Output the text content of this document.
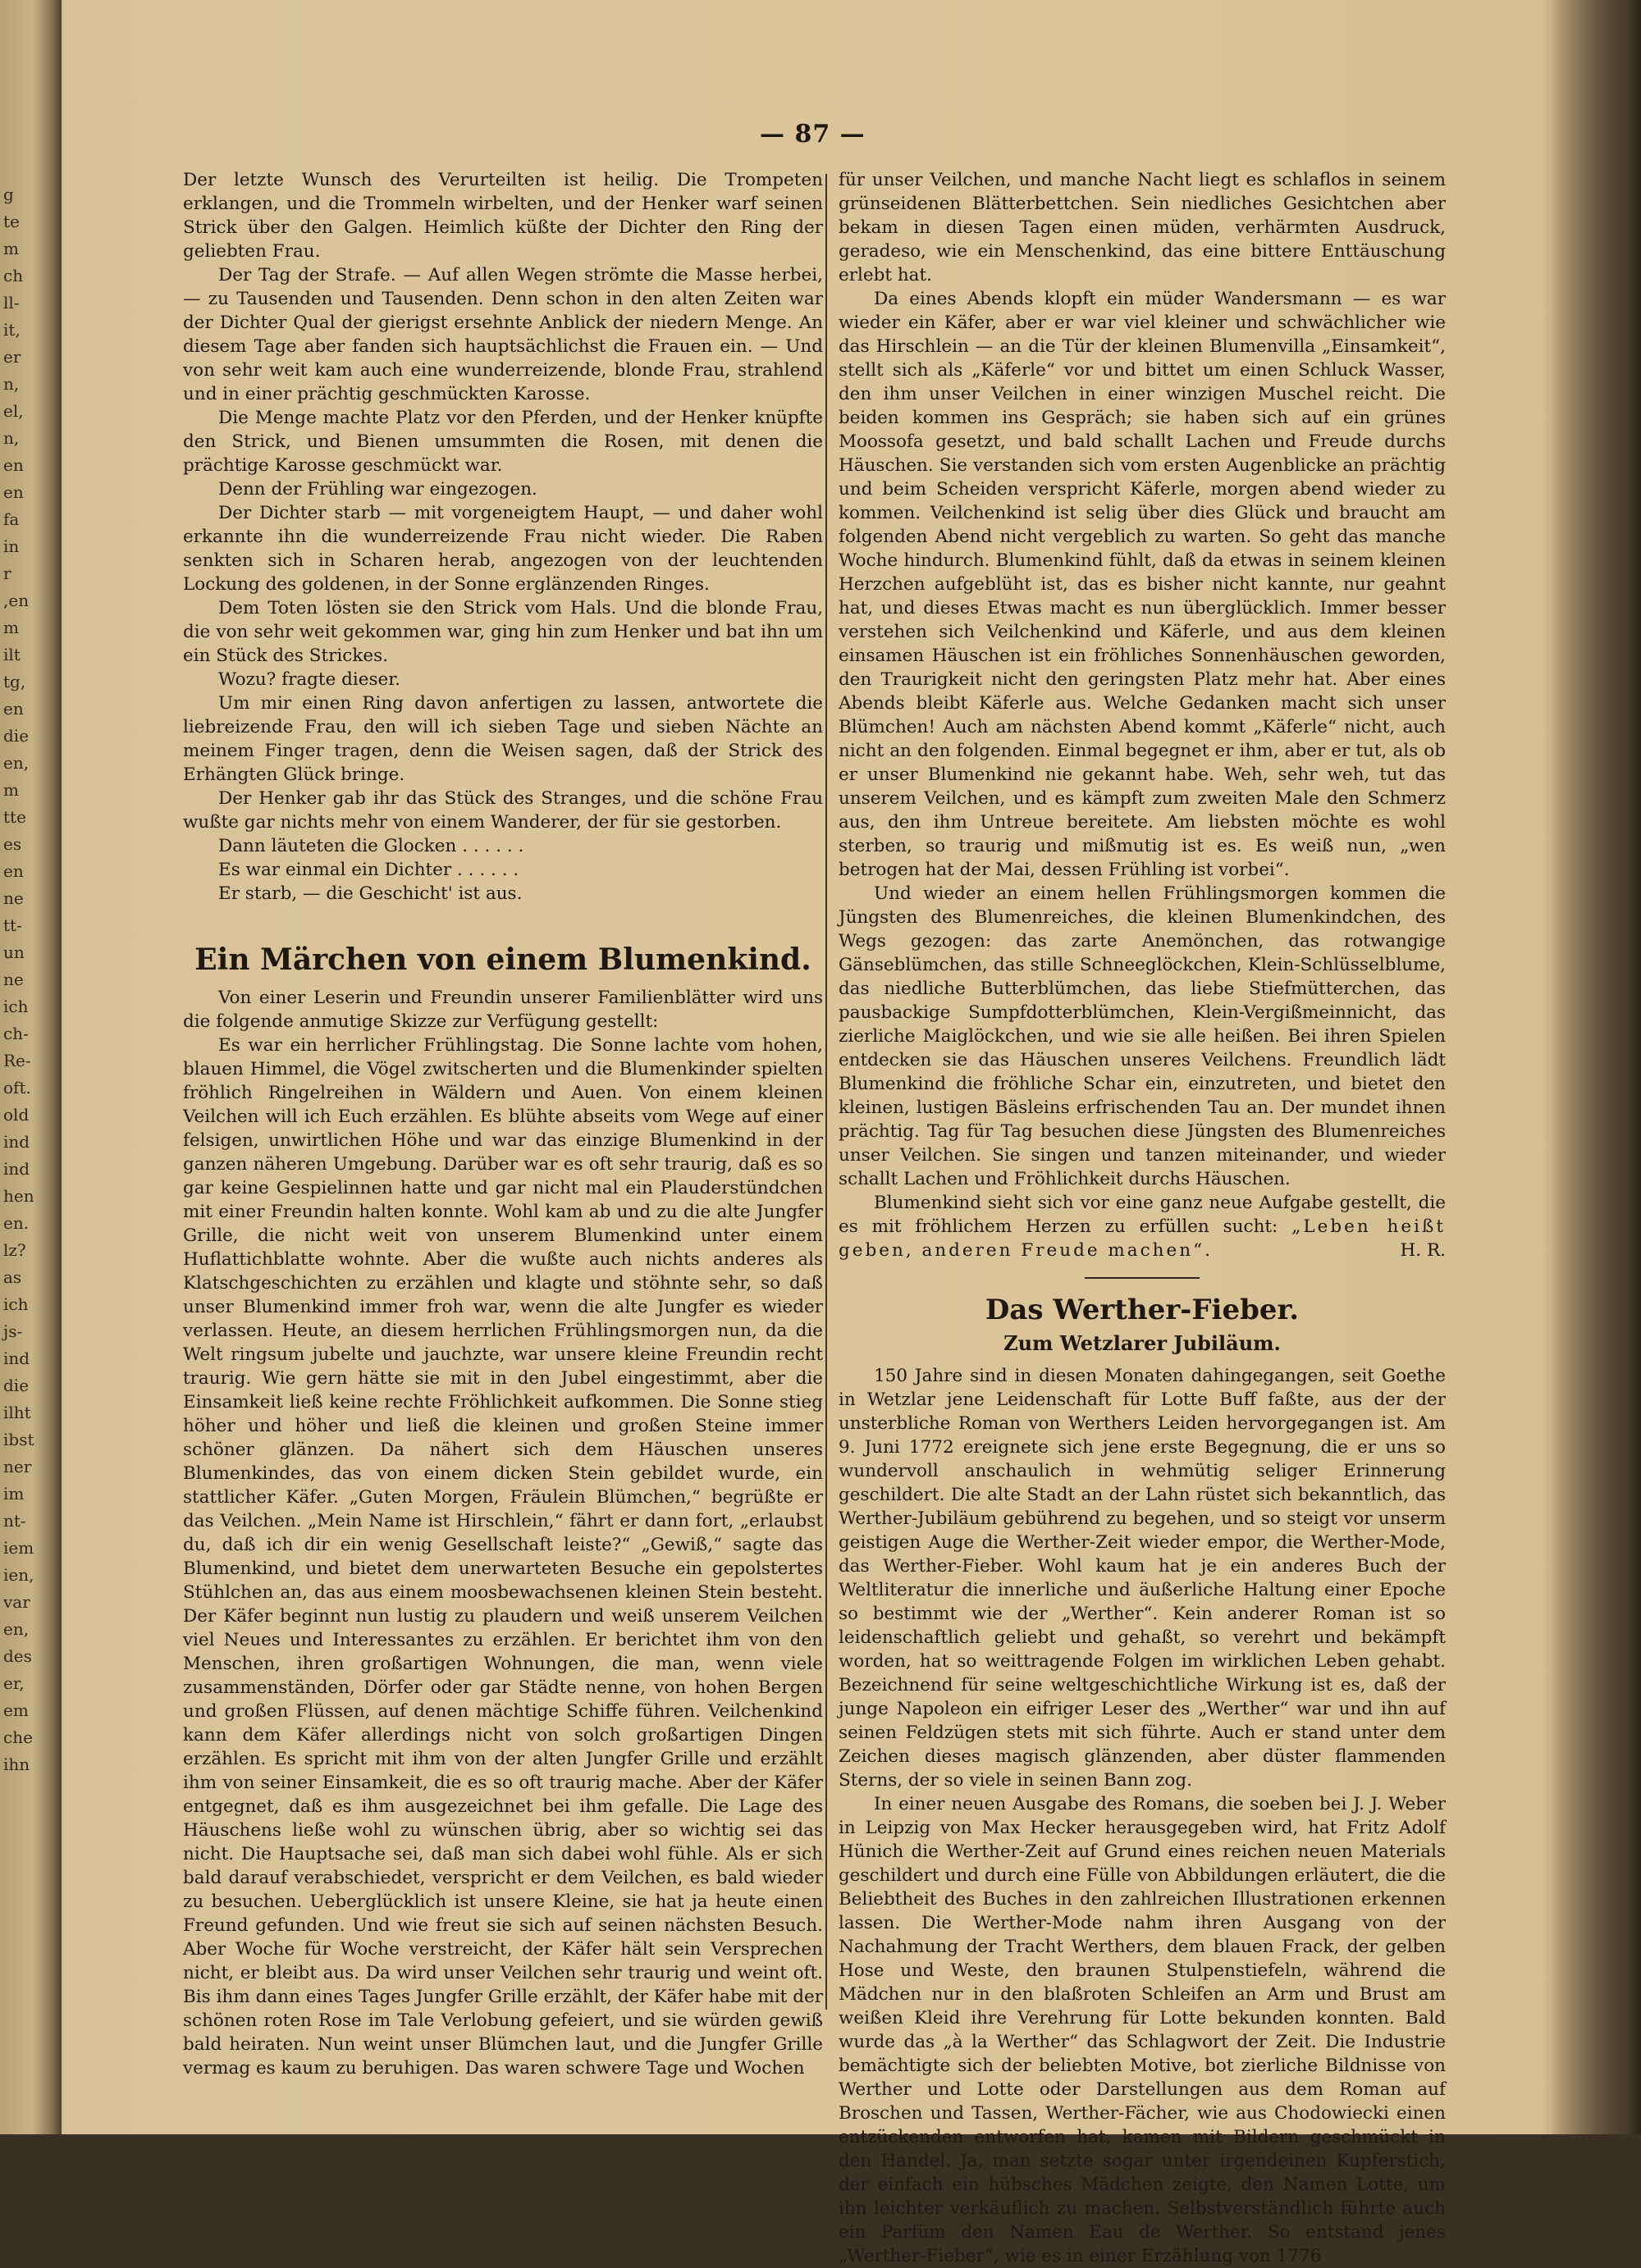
g
te
m
ch
ll-
it,
er
n,
el,
n,
en
en
fa
in
r
,en
m
ilt
tg,
en
die
en,
m
tte
es
en
ne
tt-
un
ne
ich
ch-
Re-
oft.
old
ind
ind
hen
en.
lz?
as
ich
js-
ind
die
ilht
ibst
ner
im
nt-
iem
ien,
var
en,
des
er,
em
che
ihn
— 87 —

Der letzte Wunsch des Verurteilten ist heilig. Die Trompeten erklangen, und die Trommeln wirbelten, und der Henker warf seinen Strick über den Galgen. Heimlich küßte der Dichter den Ring der geliebten Frau.

Der Tag der Strafe. — Auf allen Wegen strömte die Masse herbei, — zu Tausenden und Tausenden. Denn schon in den alten Zeiten war der Dichter Qual der gierigst ersehnte Anblick der niedern Menge. An diesem Tage aber fanden sich hauptsächlichst die Frauen ein. — Und von sehr weit kam auch eine wunderreizende, blonde Frau, strahlend und in einer prächtig geschmückten Karosse.

Die Menge machte Platz vor den Pferden, und der Henker knüpfte den Strick, und Bienen umsummten die Rosen, mit denen die prächtige Karosse geschmückt war.

Denn der Frühling war eingezogen.

Der Dichter starb — mit vorgeneigtem Haupt, — und daher wohl erkannte ihn die wunderreizende Frau nicht wieder. Die Raben senkten sich in Scharen herab, angezogen von der leuchtenden Lockung des goldenen, in der Sonne erglänzenden Ringes.

Dem Toten lösten sie den Strick vom Hals. Und die blonde Frau, die von sehr weit gekommen war, ging hin zum Henker und bat ihn um ein Stück des Strickes.

Wozu? fragte dieser.

Um mir einen Ring davon anfertigen zu lassen, antwortete die liebreizende Frau, den will ich sieben Tage und sieben Nächte an meinem Finger tragen, denn die Weisen sagen, daß der Strick des Erhängten Glück bringe.

Der Henker gab ihr das Stück des Stranges, und die schöne Frau wußte gar nichts mehr von einem Wanderer, der für sie gestorben.

Dann läuteten die Glocken . . . . . .

Es war einmal ein Dichter . . . . . .

Er starb, — die Geschicht' ist aus.

Ein Märchen von einem Blumenkind.

Von einer Leserin und Freundin unserer Familienblätter wird uns die folgende anmutige Skizze zur Verfügung gestellt:

Es war ein herrlicher Frühlingstag. Die Sonne lachte vom hohen, blauen Himmel, die Vögel zwitscherten und die Blumenkinder spielten fröhlich Ringelreihen in Wäldern und Auen. Von einem kleinen Veilchen will ich Euch erzählen. Es blühte abseits vom Wege auf einer felsigen, unwirtlichen Höhe und war das einzige Blumenkind in der ganzen näheren Umgebung. Darüber war es oft sehr traurig, daß es so gar keine Gespielinnen hatte und gar nicht mal ein Plauderstündchen mit einer Freundin halten konnte. Wohl kam ab und zu die alte Jungfer Grille, die nicht weit von unserem Blumenkind unter einem Huflattichblatte wohnte. Aber die wußte auch nichts anderes als Klatschgeschichten zu erzählen und klagte und stöhnte sehr, so daß unser Blumenkind immer froh war, wenn die alte Jungfer es wieder verlassen. Heute, an diesem herrlichen Frühlingsmorgen nun, da die Welt ringsum jubelte und jauchzte, war unsere kleine Freundin recht traurig. Wie gern hätte sie mit in den Jubel eingestimmt, aber die Einsamkeit ließ keine rechte Fröhlichkeit aufkommen. Die Sonne stieg höher und höher und ließ die kleinen und großen Steine immer schöner glänzen. Da nähert sich dem Häuschen unseres Blumenkindes, das von einem dicken Stein gebildet wurde, ein stattlicher Käfer. „Guten Morgen, Fräulein Blümchen,“ begrüßte er das Veilchen. „Mein Name ist Hirschlein,“ fährt er dann fort, „erlaubst du, daß ich dir ein wenig Gesellschaft leiste?“ „Gewiß,“ sagte das Blumenkind, und bietet dem unerwarteten Besuche ein gepolstertes Stühlchen an, das aus einem moosbewachsenen kleinen Stein besteht. Der Käfer beginnt nun lustig zu plaudern und weiß unserem Veilchen viel Neues und Interessantes zu erzählen. Er berichtet ihm von den Menschen, ihren großartigen Wohnungen, die man, wenn viele zusammenständen, Dörfer oder gar Städte nenne, von hohen Bergen und großen Flüssen, auf denen mächtige Schiffe führen. Veilchenkind kann dem Käfer allerdings nicht von solch großartigen Dingen erzählen. Es spricht mit ihm von der alten Jungfer Grille und erzählt ihm von seiner Einsamkeit, die es so oft traurig mache. Aber der Käfer entgegnet, daß es ihm ausgezeichnet bei ihm gefalle. Die Lage des Häuschens ließe wohl zu wünschen übrig, aber so wichtig sei das nicht. Die Hauptsache sei, daß man sich dabei wohl fühle. Als er sich bald darauf verabschiedet, verspricht er dem Veilchen, es bald wieder zu besuchen. Ueberglücklich ist unsere Kleine, sie hat ja heute einen Freund gefunden. Und wie freut sie sich auf seinen nächsten Besuch. Aber Woche für Woche verstreicht, der Käfer hält sein Versprechen nicht, er bleibt aus. Da wird unser Veilchen sehr traurig und weint oft. Bis ihm dann eines Tages Jungfer Grille erzählt, der Käfer habe mit der schönen roten Rose im Tale Verlobung gefeiert, und sie würden gewiß bald heiraten. Nun weint unser Blümchen laut, und die Jungfer Grille vermag es kaum zu beruhigen. Das waren schwere Tage und Wochen

für unser Veilchen, und manche Nacht liegt es schlaflos in seinem grünseidenen Blätterbettchen. Sein niedliches Gesichtchen aber bekam in diesen Tagen einen müden, verhärmten Ausdruck, geradeso, wie ein Menschenkind, das eine bittere Enttäuschung erlebt hat.

Da eines Abends klopft ein müder Wandersmann — es war wieder ein Käfer, aber er war viel kleiner und schwächlicher wie das Hirschlein — an die Tür der kleinen Blumenvilla „Einsamkeit“, stellt sich als „Käferle“ vor und bittet um einen Schluck Wasser, den ihm unser Veilchen in einer winzigen Muschel reicht. Die beiden kommen ins Gespräch; sie haben sich auf ein grünes Moossofa gesetzt, und bald schallt Lachen und Freude durchs Häuschen. Sie verstanden sich vom ersten Augenblicke an prächtig und beim Scheiden verspricht Käferle, morgen abend wieder zu kommen. Veilchenkind ist selig über dies Glück und braucht am folgenden Abend nicht vergeblich zu warten. So geht das manche Woche hindurch. Blumenkind fühlt, daß da etwas in seinem kleinen Herzchen aufgeblüht ist, das es bisher nicht kannte, nur geahnt hat, und dieses Etwas macht es nun überglücklich. Immer besser verstehen sich Veilchenkind und Käferle, und aus dem kleinen einsamen Häuschen ist ein fröhliches Sonnenhäuschen geworden, den Traurigkeit nicht den geringsten Platz mehr hat. Aber eines Abends bleibt Käferle aus. Welche Gedanken macht sich unser Blümchen! Auch am nächsten Abend kommt „Käferle“ nicht, auch nicht an den folgenden. Einmal begegnet er ihm, aber er tut, als ob er unser Blumenkind nie gekannt habe. Weh, sehr weh, tut das unserem Veilchen, und es kämpft zum zweiten Male den Schmerz aus, den ihm Untreue bereitete. Am liebsten möchte es wohl sterben, so traurig und mißmutig ist es. Es weiß nun, „wen betrogen hat der Mai, dessen Frühling ist vorbei“.

Und wieder an einem hellen Frühlingsmorgen kommen die Jüngsten des Blumenreiches, die kleinen Blumenkindchen, des Wegs gezogen: das zarte Anemönchen, das rotwangige Gänseblümchen, das stille Schneeglöckchen, Klein-Schlüsselblume, das niedliche Butterblümchen, das liebe Stiefmütterchen, das pausbackige Sumpfdotterblümchen, Klein-Vergißmeinnicht, das zierliche Maiglöckchen, und wie sie alle heißen. Bei ihren Spielen entdecken sie das Häuschen unseres Veilchens. Freundlich lädt Blumenkind die fröhliche Schar ein, einzutreten, und bietet den kleinen, lustigen Bäsleins erfrischenden Tau an. Der mundet ihnen prächtig. Tag für Tag besuchen diese Jüngsten des Blumenreiches unser Veilchen. Sie singen und tanzen miteinander, und wieder schallt Lachen und Fröhlichkeit durchs Häuschen.

Blumenkind sieht sich vor eine ganz neue Aufgabe gestellt, die es mit fröhlichem Herzen zu erfüllen sucht: „Leben heißt geben, anderen Freude machen“.	H. R.

Das Werther-Fieber.
Zum Wetzlarer Jubiläum.

150 Jahre sind in diesen Monaten dahingegangen, seit Goethe in Wetzlar jene Leidenschaft für Lotte Buff faßte, aus der der unsterbliche Roman von Werthers Leiden hervorgegangen ist. Am 9. Juni 1772 ereignete sich jene erste Begegnung, die er uns so wundervoll anschaulich in wehmütig seliger Erinnerung geschildert. Die alte Stadt an der Lahn rüstet sich bekanntlich, das Werther-Jubiläum gebührend zu begehen, und so steigt vor unserm geistigen Auge die Werther-Zeit wieder empor, die Werther-Mode, das Werther-Fieber. Wohl kaum hat je ein anderes Buch der Weltliteratur die innerliche und äußerliche Haltung einer Epoche so bestimmt wie der „Werther“. Kein anderer Roman ist so leidenschaftlich geliebt und gehaßt, so verehrt und bekämpft worden, hat so weittragende Folgen im wirklichen Leben gehabt. Bezeichnend für seine weltgeschichtliche Wirkung ist es, daß der junge Napoleon ein eifriger Leser des „Werther“ war und ihn auf seinen Feldzügen stets mit sich führte. Auch er stand unter dem Zeichen dieses magisch glänzenden, aber düster flammenden Sterns, der so viele in seinen Bann zog.

In einer neuen Ausgabe des Romans, die soeben bei J. J. Weber in Leipzig von Max Hecker herausgegeben wird, hat Fritz Adolf Hünich die Werther-Zeit auf Grund eines reichen neuen Materials geschildert und durch eine Fülle von Abbildungen erläutert, die die Beliebtheit des Buches in den zahlreichen Illustrationen erkennen lassen. Die Werther-Mode nahm ihren Ausgang von der Nachahmung der Tracht Werthers, dem blauen Frack, der gelben Hose und Weste, den braunen Stulpenstiefeln, während die Mädchen nur in den blaßroten Schleifen an Arm und Brust am weißen Kleid ihre Verehrung für Lotte bekunden konnten. Bald wurde das „à la Werther“ das Schlagwort der Zeit. Die Industrie bemächtigte sich der beliebten Motive, bot zierliche Bildnisse von Werther und Lotte oder Darstellungen aus dem Roman auf Broschen und Tassen, Werther-Fächer, wie aus Chodowiecki einen entzückenden entworfen hat, kamen mit Bildern geschmückt in den Handel. Ja, man setzte sogar unter irgendeinen Kupferstich, der einfach ein hübsches Mädchen zeigte, den Namen Lotte, um ihn leichter verkäuflich zu machen. Selbstverständlich führte auch ein Parfüm den Namen Eau de Werther. So entstand jenes „Werther-Fieber“, wie es in einer Erzählung von 1776
